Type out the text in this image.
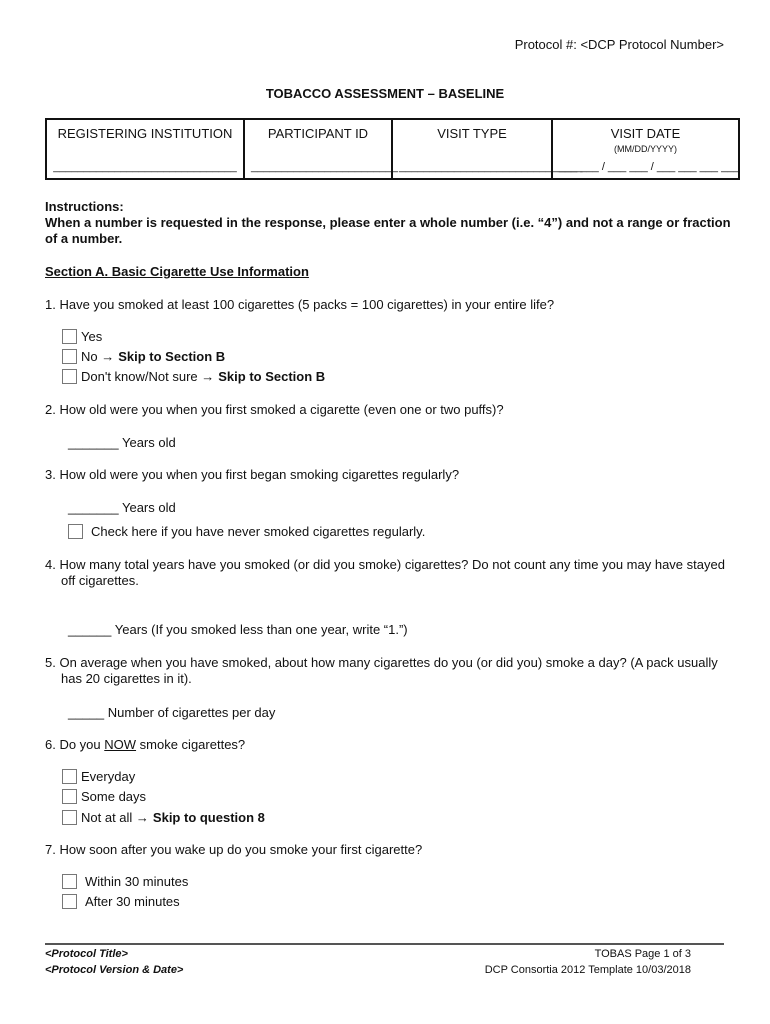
Protocol #: <DCP Protocol Number>
TOBACCO ASSESSMENT – BASELINE
REGISTERING INSTITUTION
______________________________
	PARTICIPANT ID
________________________
	VISIT TYPE
______________________________
	VISIT DATE
(MM/DD/YYYY)
___ ___ / ___ ___ / ___ ___ ___ ___
Instructions:
When a number is requested in the response, please enter a whole number (i.e. “4”) and not a range or fraction of a number.
Section A. Basic Cigarette Use Information
1. Have you smoked at least 100 cigarettes (5 packs = 100 cigarettes) in your entire life?
Yes
No → Skip to Section B
Don't know/Not sure → Skip to Section B
2. How old were you when you first smoked a cigarette (even one or two puffs)?
_______ Years old
3. How old were you when you first began smoking cigarettes regularly?
_______ Years old
Check here if you have never smoked cigarettes regularly.
4. How many total years have you smoked (or did you smoke) cigarettes? Do not count any time you may have stayed off cigarettes.
______ Years (If you smoked less than one year, write “1.”)
5. On average when you have smoked, about how many cigarettes do you (or did you) smoke a day? (A pack usually has 20 cigarettes in it).
_____ Number of cigarettes per day
6. Do you NOW smoke cigarettes?
Everyday
Some days
Not at all → Skip to question 8
7. How soon after you wake up do you smoke your first cigarette?
Within 30 minutes
After 30 minutes
<Protocol Title>
<Protocol Version & Date>
TOBAS Page 1 of 3
DCP Consortia 2012 Template 10/03/2018
